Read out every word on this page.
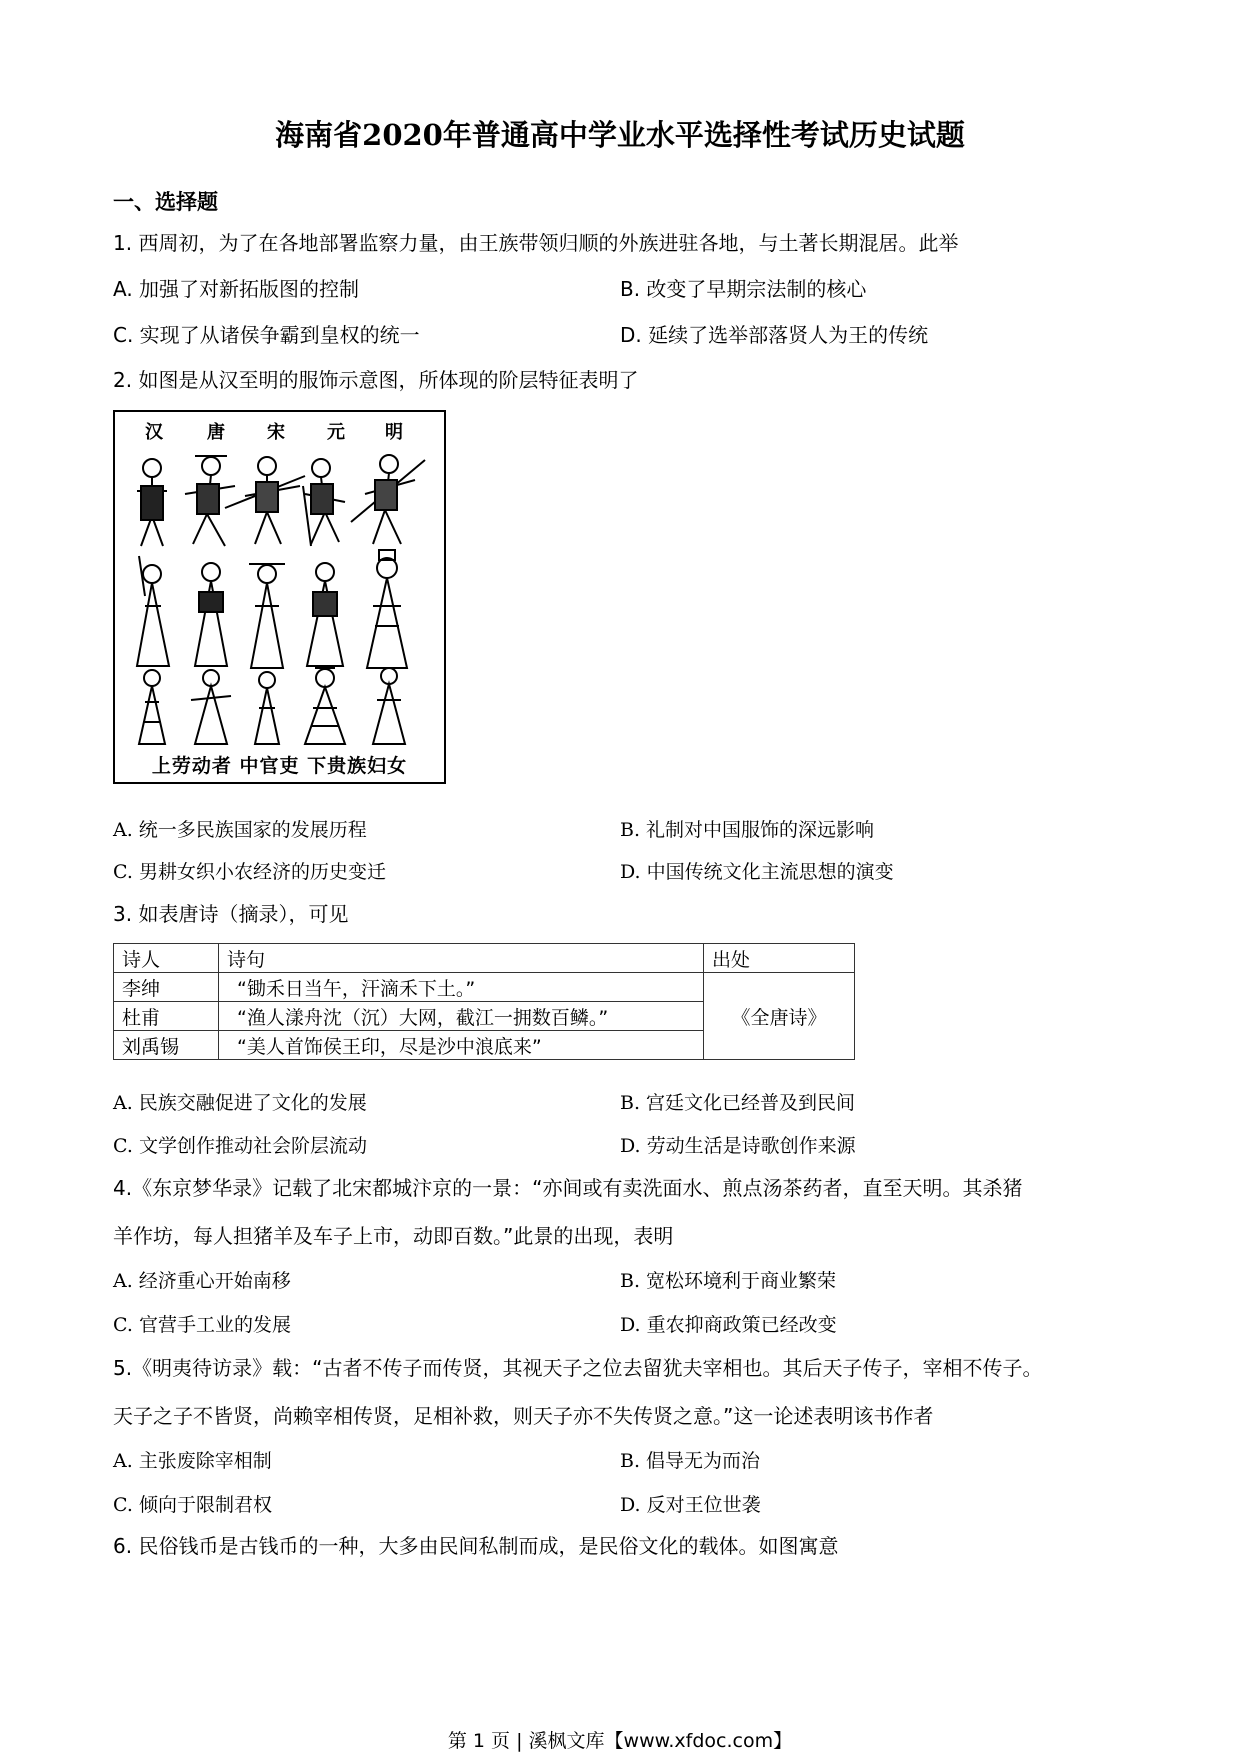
海南省2020年普通高中学业水平选择性考试历史试题
一、选择题
1. 西周初，为了在各地部署监察力量，由王族带领归顺的外族进驻各地，与土著长期混居。此举
A. 加强了对新拓版图的控制	B. 改变了早期宗法制的核心
C. 实现了从诸侯争霸到皇权的统一	D. 延续了选举部落贤人为王的传统
2. 如图是从汉至明的服饰示意图，所体现的阶层特征表明了
汉 唐 宋 元 明
上劳动者 中官吏 下贵族妇女
A. 统一多民族国家的发展历程	B. 礼制对中国服饰的深远影响
C. 男耕女织小农经济的历史变迁	D. 中国传统文化主流思想的演变
3. 如表唐诗（摘录），可见
诗人	诗句	出处
李绅	“锄禾日当午，汗滴禾下土。”	《全唐诗》
杜甫	“渔人漾舟沈（沉）大网，截江一拥数百鳞。”	
刘禹锡	“美人首饰侯王印，尽是沙中浪底来”	
A. 民族交融促进了文化的发展	B. 宫廷文化已经普及到民间
C. 文学创作推动社会阶层流动	D. 劳动生活是诗歌创作来源
4.《东京梦华录》记载了北宋都城汴京的一景：“亦间或有卖洗面水、煎点汤茶药者，直至天明。其杀猪
羊作坊，每人担猪羊及车子上市，动即百数。”此景的出现，表明
A. 经济重心开始南移	B. 宽松环境利于商业繁荣
C. 官营手工业的发展	D. 重农抑商政策已经改变
5.《明夷待访录》载：“古者不传子而传贤，其视天子之位去留犹夫宰相也。其后天子传子，宰相不传子。
天子之子不皆贤，尚赖宰相传贤，足相补救，则天子亦不失传贤之意。”这一论述表明该书作者
A. 主张废除宰相制	B. 倡导无为而治
C. 倾向于限制君权	D. 反对王位世袭
6. 民俗钱币是古钱币的一种，大多由民间私制而成，是民俗文化的载体。如图寓意
第 1 页 | 溪枫文库【www.xfdoc.com】
